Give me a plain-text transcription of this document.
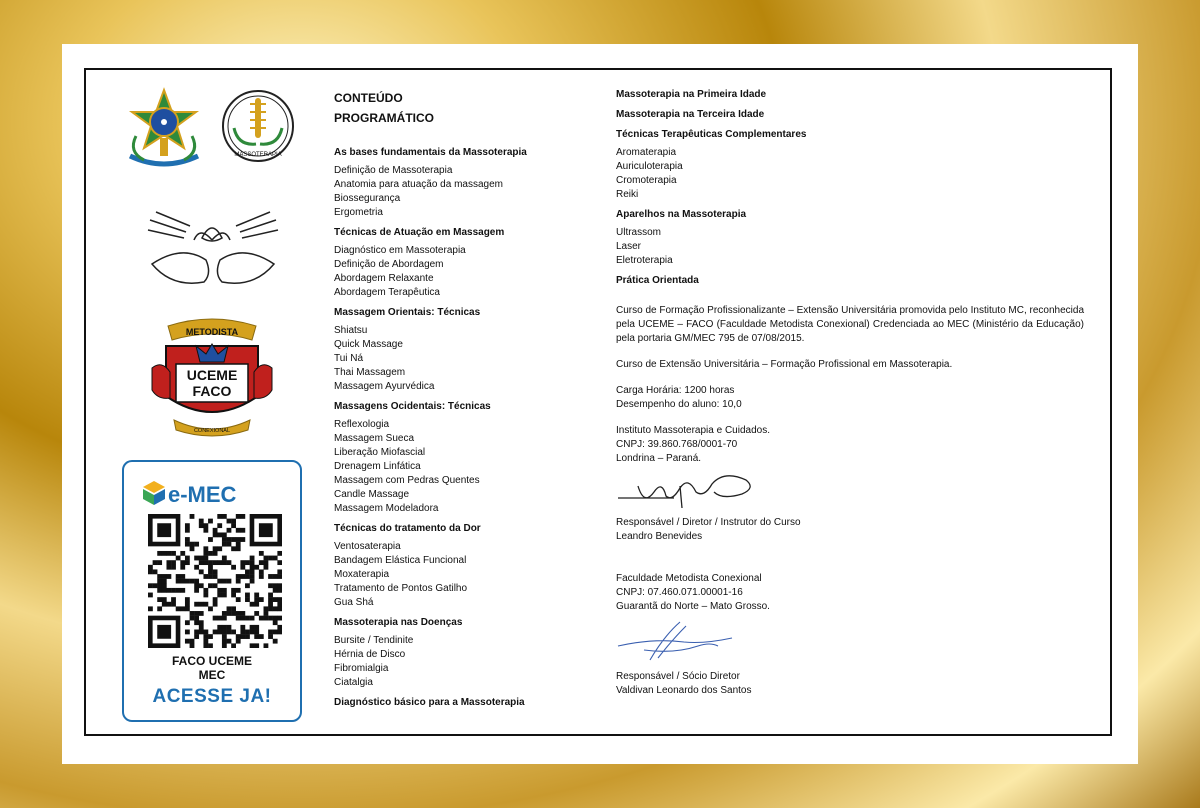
MASSOTERAPIA
METODISTA
UCEME
FACO
CONEXIONAL
e-MEC
FACO UCEME
MEC
ACESSE JA!
CONTEÚDO
PROGRAMÁTICO
As bases fundamentais da Massoterapia
Definição de Massoterapia
Anatomia para atuação da massagem
Biossegurança
Ergometria
Técnicas de Atuação em Massagem
Diagnóstico em Massoterapia
Definição de Abordagem
Abordagem Relaxante
Abordagem Terapêutica
Massagem Orientais: Técnicas
Shiatsu
Quick Massage
Tui Ná
Thai Massagem
Massagem Ayurvédica
Massagens Ocidentais: Técnicas
Reflexologia
Massagem Sueca
Liberação Miofascial
Drenagem Linfática
Massagem com Pedras Quentes
Candle Massage
Massagem Modeladora
Técnicas do tratamento da Dor
Ventosaterapia
Bandagem Elástica Funcional
Moxaterapia
Tratamento de Pontos Gatilho
Gua Shá
Massoterapia nas Doenças
Bursite / Tendinite
Hérnia de Disco
Fibromialgia
Ciatalgia
Diagnóstico básico para a Massoterapia
Massoterapia na Primeira Idade
Massoterapia na Terceira Idade
Técnicas Terapêuticas Complementares
Aromaterapia
Auriculoterapia
Cromoterapia
Reiki
Aparelhos na Massoterapia
Ultrassom
Laser
Eletroterapia
Prática Orientada

Curso de Formação Profissionalizante – Extensão Universitária promovida pelo Instituto MC, reconhecida pela UCEME – FACO (Faculdade Metodista Conexional) Credenciada ao MEC (Ministério da Educação) pela portaria GM/MEC 795 de 07/08/2015.

Curso de Extensão Universitária – Formação Profissional em Massoterapia.

Carga Horária: 1200 horas
Desempenho do aluno: 10,0
Instituto Massoterapia e Cuidados.
CNPJ: 39.860.768/0001-70
Londrina – Paraná.
Responsável / Diretor / Instrutor do Curso
Leandro Benevides
Faculdade Metodista Conexional
CNPJ: 07.460.071.00001-16
Guarantã do Norte – Mato Grosso.
Responsável / Sócio Diretor
Valdivan Leonardo dos Santos
